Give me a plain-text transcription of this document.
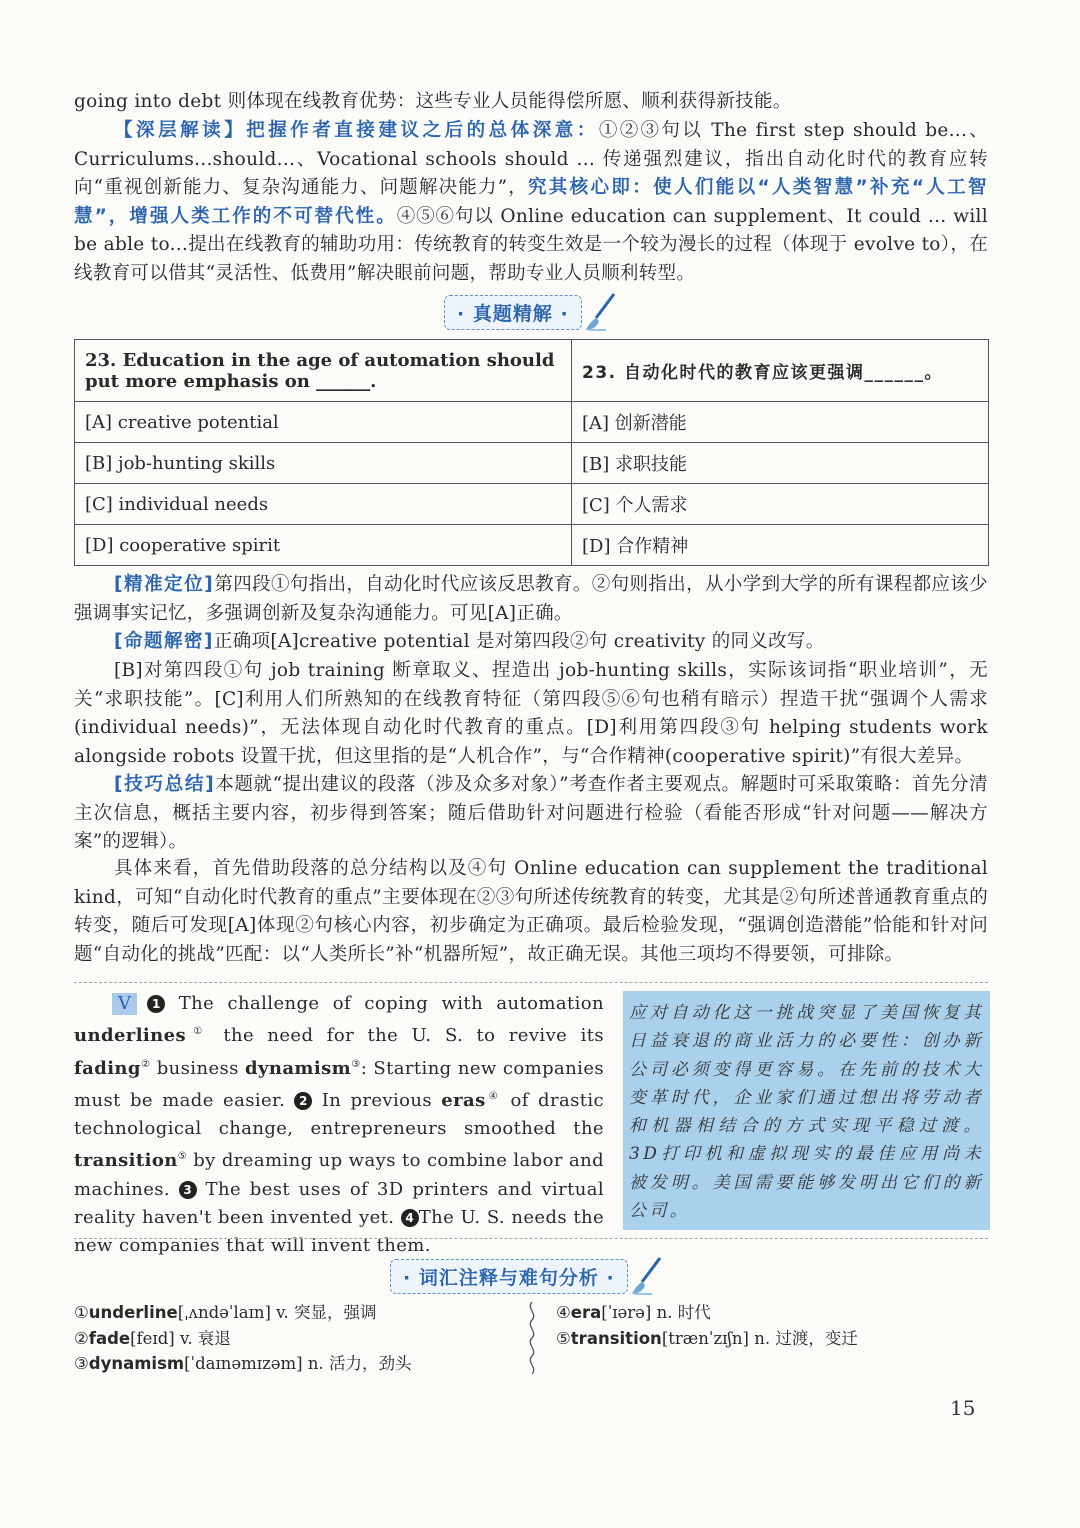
going into debt 则体现在线教育优势：这些专业人员能得偿所愿、顺利获得新技能。

【深层解读】把握作者直接建议之后的总体深意：①②③句以 The first step should be...、Curriculums...should...、Vocational schools should ... 传递强烈建议，指出自动化时代的教育应转向“重视创新能力、复杂沟通能力、问题解决能力”，究其核心即：使人们能以“人类智慧”补充“人工智慧”，增强人类工作的不可替代性。④⑤⑥句以 Online education can supplement、It could ... will be able to...提出在线教育的辅助功用：传统教育的转变生效是一个较为漫长的过程（体现于 evolve to），在线教育可以借其“灵活性、低费用”解决眼前问题，帮助专业人员顺利转型。

· 真题精解 ·
23. Education in the age of automation should put more emphasis on ______.	23. 自动化时代的教育应该更强调______。
[A] creative potential	[A] 创新潜能
[B] job-hunting skills	[B] 求职技能
[C] individual needs	[C] 个人需求
[D] cooperative spirit	[D] 合作精神

[精准定位]第四段①句指出，自动化时代应该反思教育。②句则指出，从小学到大学的所有课程都应该少强调事实记忆，多强调创新及复杂沟通能力。可见[A]正确。

[命题解密]正确项[A]creative potential 是对第四段②句 creativity 的同义改写。

[B]对第四段①句 job training 断章取义、捏造出 job-hunting skills，实际该词指“职业培训”，无关“求职技能”。[C]利用人们所熟知的在线教育特征（第四段⑤⑥句也稍有暗示）捏造干扰“强调个人需求(individual needs)”，无法体现自动化时代教育的重点。[D]利用第四段③句 helping students work alongside robots 设置干扰，但这里指的是“人机合作”，与“合作精神(cooperative spirit)”有很大差异。

[技巧总结]本题就“提出建议的段落（涉及众多对象）”考查作者主要观点。解题时可采取策略：首先分清主次信息，概括主要内容，初步得到答案；随后借助针对问题进行检验（看能否形成“针对问题——解决方案”的逻辑）。

具体来看，首先借助段落的总分结构以及④句 Online education can supplement the traditional kind，可知“自动化时代教育的重点”主要体现在②③句所述传统教育的转变，尤其是②句所述普通教育重点的转变，随后可发现[A]体现②句核心内容，初步确定为正确项。最后检验发现，“强调创造潜能”恰能和针对问题“自动化的挑战”匹配：以“人类所长”补“机器所短”，故正确无误。其他三项均不得要领，可排除。

V 1 The challenge of coping with automation underlines① the need for the U. S. to revive its fading② business dynamism③: Starting new companies must be made easier. 2 In previous eras④ of drastic technological change, entrepreneurs smoothed the transition⑤ by dreaming up ways to combine labor and machines. 3 The best uses of 3D printers and virtual reality haven't been invented yet. 4 The U. S. needs the new companies that will invent them.

应对自动化这一挑战突显了美国恢复其日益衰退的商业活力的必要性：创办新公司必须变得更容易。在先前的技术大变革时代，企业家们通过想出将劳动者和机器相结合的方式实现平稳过渡。3D打印机和虚拟现实的最佳应用尚未被发明。美国需要能够发明出它们的新公司。
· 词汇注释与难句分析 ·
①underline[ˌʌndəˈlaɪn] v. 突显，强调
②fade[feɪd] v. 衰退
③dynamism[ˈdaɪnəmɪzəm] n. 活力，劲头
④era[ˈɪərə] n. 时代
⑤transition[trænˈzɪʃn] n. 过渡，变迁
15
